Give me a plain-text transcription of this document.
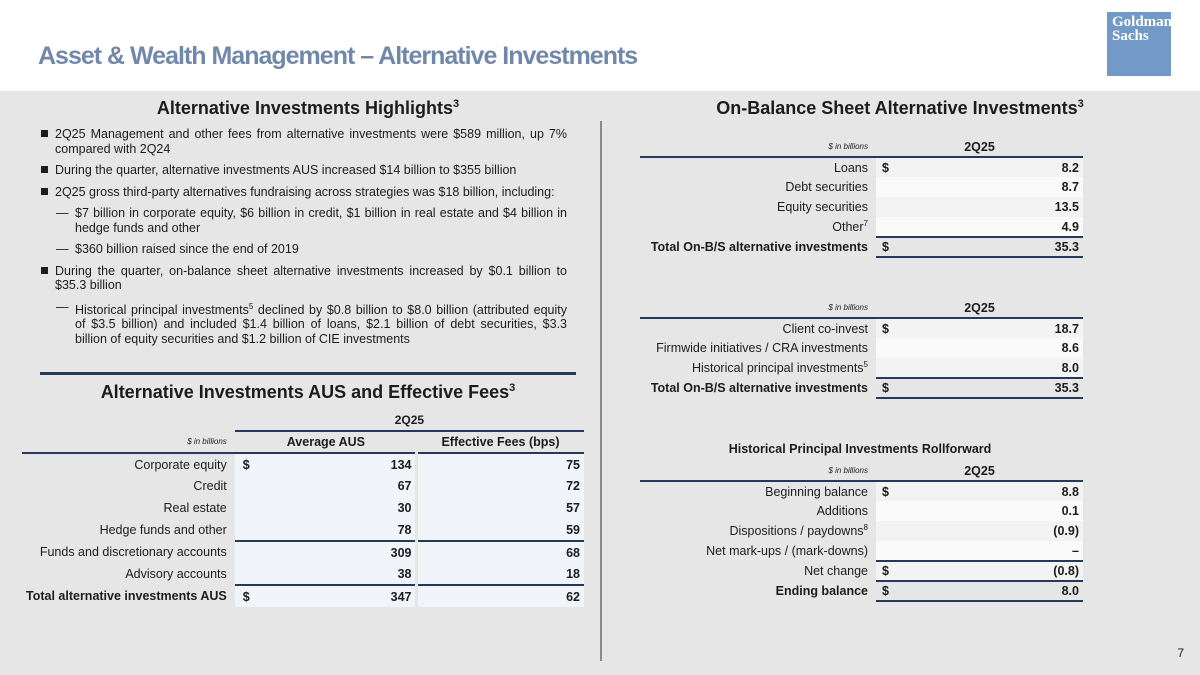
Asset & Wealth Management – Alternative Investments
Goldman
Sachs
Alternative Investments Highlights$^3$
2Q25 Management and other fees from alternative investments were $589 million, up 7% compared with 2Q24
During the quarter, alternative investments AUS increased $14 billion to $355 billion
2Q25 gross third-party alternatives fundraising across strategies was $18 billion, including:
— $7 billion in corporate equity, $6 billion in credit, $1 billion in real estate and $4 billion in hedge funds and other
— $360 billion raised since the end of 2019
During the quarter, on-balance sheet alternative investments increased by $0.1 billion to $35.3 billion
— Historical principal investments$^5$ declined by $0.8 billion to $8.0 billion (attributed equity of $3.5 billion) and included $1.4 billion of loans, $2.1 billion of debt securities, $3.3 billion of equity securities and $1.2 billion of CIE investments
Alternative Investments AUS and Effective Fees$^3$
	2Q25		
$ in billions	Average AUS		Effective Fees (bps)
Corporate equity	$	134	75
Credit		67	72
Real estate		30	57
Hedge funds and other		78	59
Funds and discretionary accounts		309	68
Advisory accounts		38	18
Total alternative investments AUS	$	347	62
On-Balance Sheet Alternative Investments$^3$
$ in billions	2Q25	
Loans	$	8.2
Debt securities		8.7
Equity securities		13.5
Other$^7$		4.9
Total On-B/S alternative investments	$	35.3
$ in billions	2Q25	
Client co-invest	$	18.7
Firmwide initiatives / CRA investments		8.6
Historical principal investments$^5$		8.0
Total On-B/S alternative investments	$	35.3
Historical Principal Investments Rollforward
$ in billions	2Q25	
Beginning balance	$	8.8
Additions		0.1
Dispositions / paydowns$^8$		(0.9)
Net mark-ups / (mark-downs)		–
Net change	$	(0.8)
Ending balance	$	8.0
7
